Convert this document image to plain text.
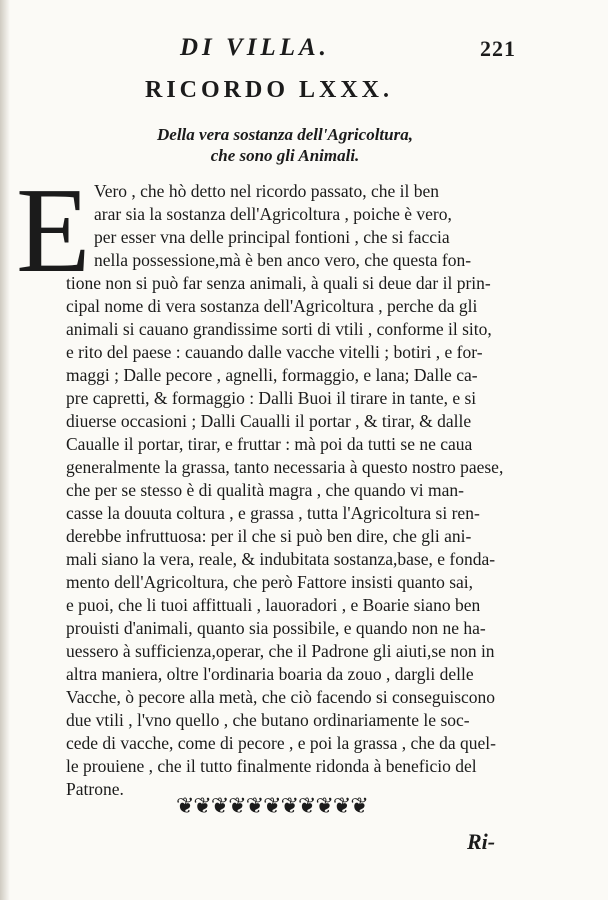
DI VILLA.	221
RICORDO LXXX.
Della vera sostanza dell'Agricoltura,
che sono gli Animali.
E Vero , che hò detto nel ricordo passato, che il ben
arar sia la sostanza dell'Agricoltura , poiche è vero,
per esser vna delle principal fontioni , che si faccia
nella possessione,mà è ben anco vero, che questa fon-
tione non si può far senza animali, à quali si deue dar il prin-
cipal nome di vera sostanza dell'Agricoltura , perche da gli
animali si cauano grandissime sorti di vtili , conforme il sito,
e rito del paese : cauando dalle vacche vitelli ; botiri , e for-
maggi ; Dalle pecore , agnelli, formaggio, e lana; Dalle ca-
pre capretti, & formaggio : Dalli Buoi il tirare in tante, e si
diuerse occasioni ; Dalli Caualli il portar , & tirar, & dalle
Caualle il portar, tirar, e fruttar : mà poi da tutti se ne caua
generalmente la grassa, tanto necessaria à questo nostro paese,
che per se stesso è di qualità magra , che quando vi man-
casse la douuta coltura , e grassa , tutta l'Agricoltura si ren-
derebbe infruttuosa: per il che si può ben dire, che gli ani-
mali siano la vera, reale, & indubitata sostanza,base, e fonda-
mento dell'Agricoltura, che però Fattore insisti quanto sai,
e puoi, che li tuoi affittuali , lauoradori , e Boarie siano ben
prouisti d'animali, quanto sia possibile, e quando non ne ha-
uessero à sufficienza,operar, che il Padrone gli aiuti,se non in
altra maniera, oltre l'ordinaria boaria da zouo , dargli delle
Vacche, ò pecore alla metà, che ciò facendo si conseguiscono
due vtili , l'vno quello , che butano ordinariamente le soc-
cede di vacche, come di pecore , e poi la grassa , che da quel-
le prouiene , che il tutto finalmente ridonda à beneficio del
Patrone.
❦❦❦❦❦❦❦❦❦❦❦
Ri-
